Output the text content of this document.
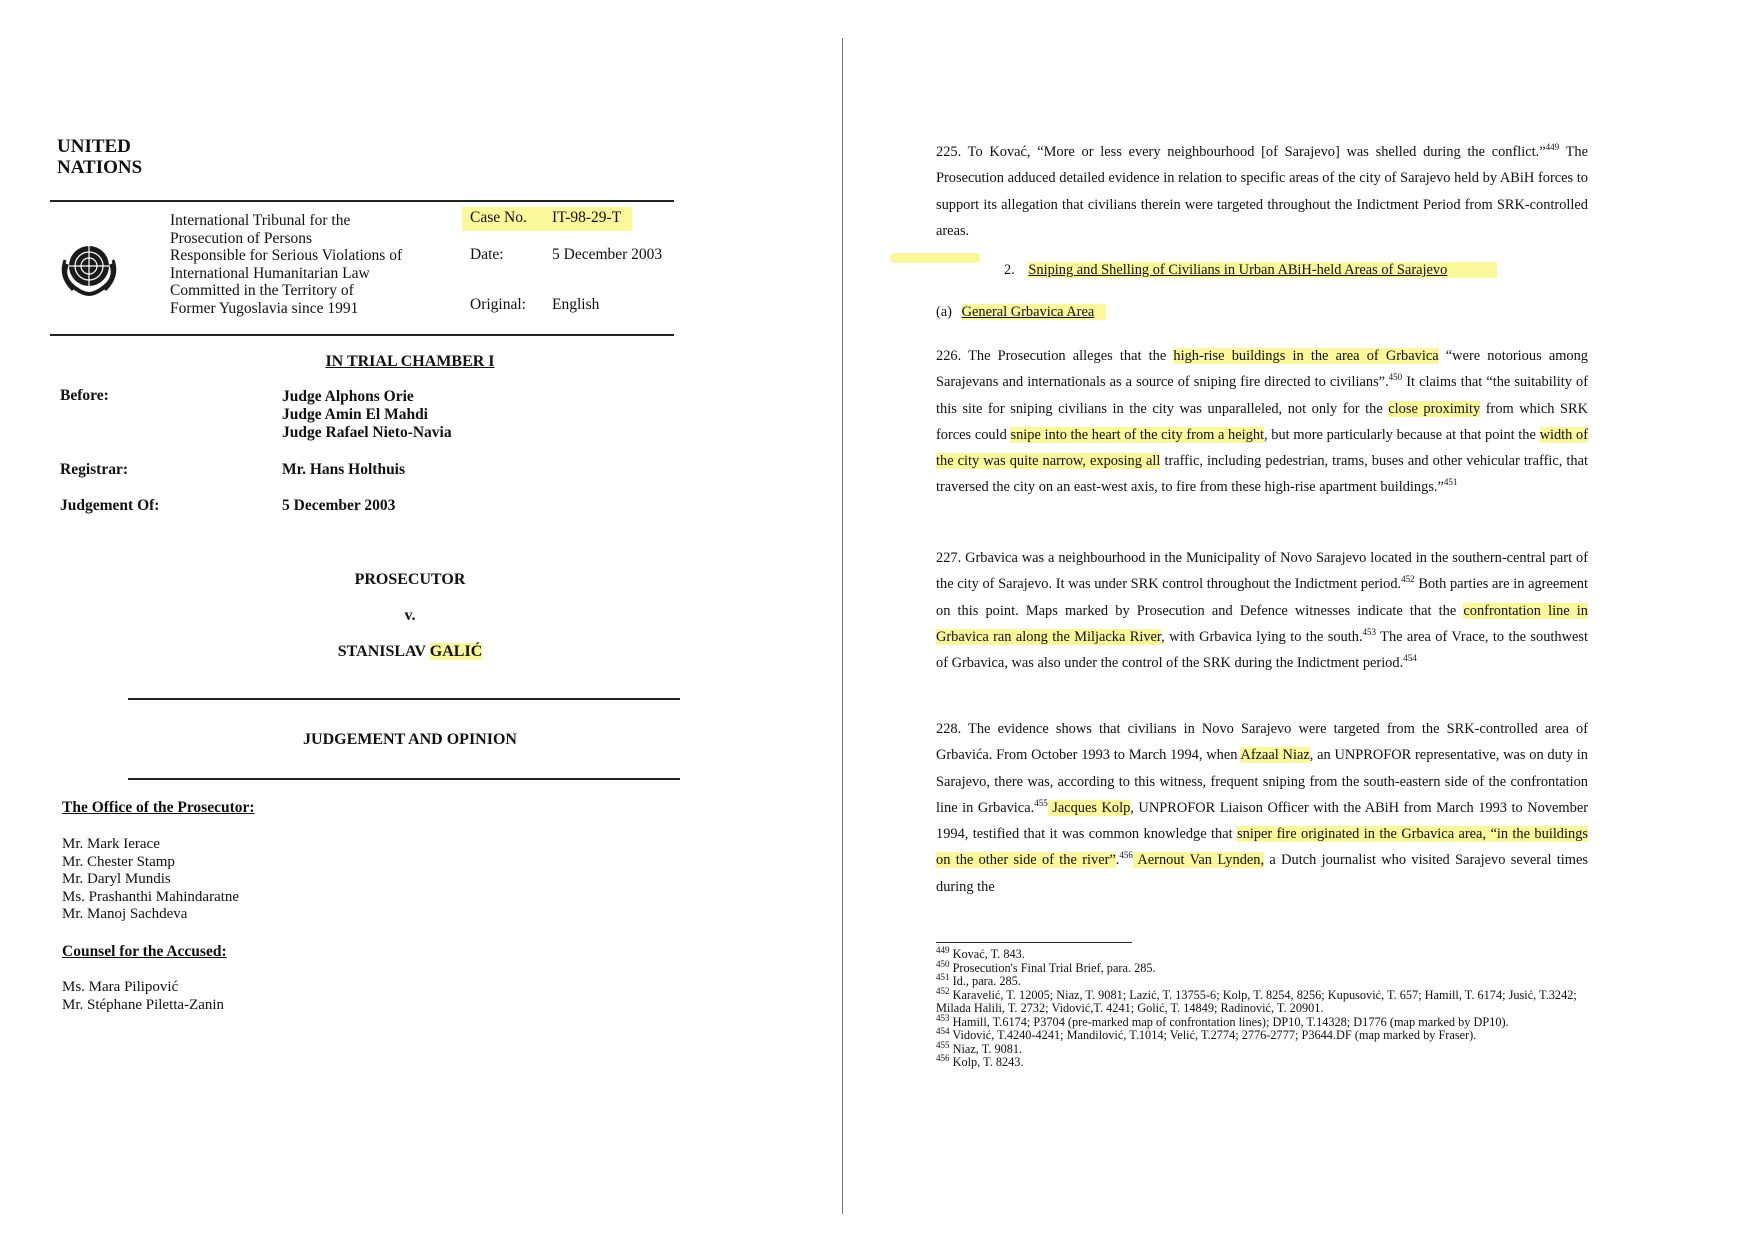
UNITED
NATIONS
International Tribunal for the
Prosecution of Persons
Responsible for Serious Violations of
International Humanitarian Law
Committed in the Territory of
Former Yugoslavia since 1991
Case No. IT-98-29-T
Date:	5 December 2003
Original: English
IN TRIAL CHAMBER I
Before:	Judge Alphons Orie
Judge Amin El Mahdi
Judge Rafael Nieto-Navia
Registrar:	Mr. Hans Holthuis
Judgement Of:	5 December 2003
PROSECUTOR
v.
STANISLAV GALIĆ
JUDGEMENT AND OPINION
The Office of the Prosecutor:
Mr. Mark Ierace
Mr. Chester Stamp
Mr. Daryl Mundis
Ms. Prashanthi Mahindaratne
Mr. Manoj Sachdeva
Counsel for the Accused:
Ms. Mara Pilipović
Mr. Stéphane Piletta-Zanin
225. To Kovać, “More or less every neighbourhood [of Sarajevo] was shelled during the conflict.”$^{449}$ The Prosecution adduced detailed evidence in relation to specific areas of the city of Sarajevo held by ABiH forces to support its allegation that civilians therein were targeted throughout the Indictment Period from SRK-controlled areas.
2. Sniping and Shelling of Civilians in Urban ABiH-held Areas of Sarajevo
(a) General Grbavica Area
226. The Prosecution alleges that the high-rise buildings in the area of Grbavica “were notorious among Sarajevans and internationals as a source of sniping fire directed to civilians”.$^{450}$ It claims that “the suitability of this site for sniping civilians in the city was unparalleled, not only for the close proximity from which SRK forces could snipe into the heart of the city from a height, but more particularly because at that point the width of the city was quite narrow, exposing all traffic, including pedestrian, trams, buses and other vehicular traffic, that traversed the city on an east-west axis, to fire from these high-rise apartment buildings.”$^{451}$
227. Grbavica was a neighbourhood in the Municipality of Novo Sarajevo located in the southern-central part of the city of Sarajevo. It was under SRK control throughout the Indictment period.$^{452}$ Both parties are in agreement on this point. Maps marked by Prosecution and Defence witnesses indicate that the confrontation line in Grbavica ran along the Miljacka River, with Grbavica lying to the south.$^{453}$ The area of Vrace, to the southwest of Grbavica, was also under the control of the SRK during the Indictment period.$^{454}$
228. The evidence shows that civilians in Novo Sarajevo were targeted from the SRK-controlled area of Grbavića. From October 1993 to March 1994, when Afzaal Niaz, an UNPROFOR representative, was on duty in Sarajevo, there was, according to this witness, frequent sniping from the south-eastern side of the confrontation line in Grbavica.$^{455}$ Jacques Kolp, UNPROFOR Liaison Officer with the ABiH from March 1993 to November 1994, testified that it was common knowledge that sniper fire originated in the Grbavica area, “in the buildings on the other side of the river”.$^{456}$ Aernout Van Lynden, a Dutch journalist who visited Sarajevo several times during the
$^{449}$ Kovać, T. 843.
$^{450}$ Prosecution's Final Trial Brief, para. 285.
$^{451}$ Id., para. 285.
$^{452}$ Karavelić, T. 12005; Niaz, T. 9081; Lazić, T. 13755-6; Kolp, T. 8254, 8256; Kupusović, T. 657; Hamill, T. 6174; Jusić, T.3242; Milada Halili, T. 2732; Vidović,T. 4241; Golić, T. 14849; Radinović, T. 20901.
$^{453}$ Hamill, T.6174; P3704 (pre-marked map of confrontation lines); DP10, T.14328; D1776 (map marked by DP10).
$^{454}$ Vidović, T.4240-4241; Mandilović, T.1014; Velić, T.2774; 2776-2777; P3644.DF (map marked by Fraser).
$^{455}$ Niaz, T. 9081.
$^{456}$ Kolp, T. 8243.
